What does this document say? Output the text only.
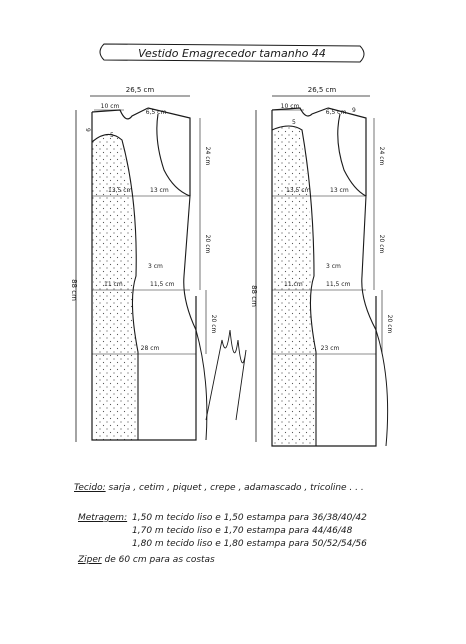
Vestido Emagrecedor tamanho 44
26,5 cm
88 cm
10 cm
6,5 cm
5
9
24 cm
13,5 cm	13 cm
20 cm
3 cm
11 cm	11,5 cm
20 cm
28 cm
26,5 cm
88 cm
10 cm
6,5 cm
5
9
24 cm
13,5 cm	13 cm
20 cm
3 cm
11 cm	11,5 cm
20 cm
23 cm
Tecido: sarja , cetim , piquet , crepe , adamascado , tricoline . . .
Metragem: 1,50 m tecido liso e 1,50 estampa para 36/38/40/42
1,70 m tecido liso e 1,70 estampa para 44/46/48
1,80 m tecido liso e 1,80 estampa para 50/52/54/56
Ziper de 60 cm para as costas
